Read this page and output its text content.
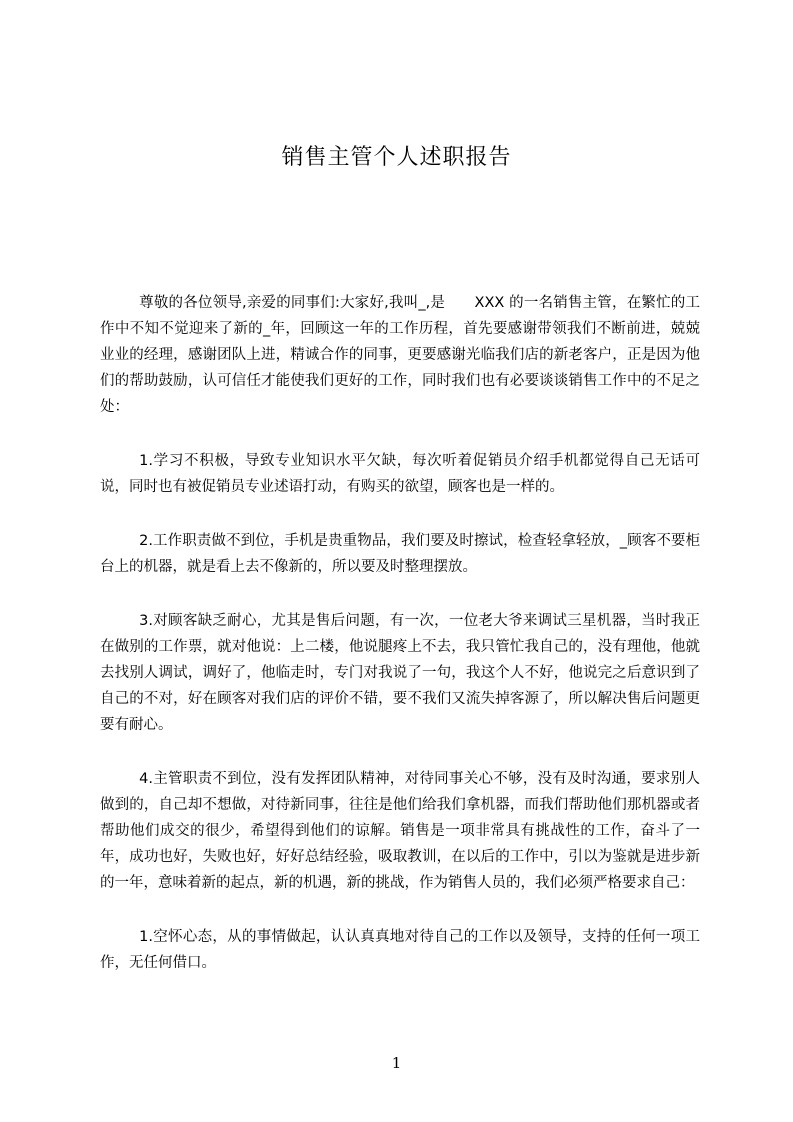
销售主管个人述职报告

尊敬的各位领导,亲爱的同事们:大家好,我叫_,是　　XXX 的一名销售主管，在繁忙的工作中不知不觉迎来了新的_年，回顾这一年的工作历程，首先要感谢带领我们不断前进，兢兢业业的经理，感谢团队上进，精诚合作的同事，更要感谢光临我们店的新老客户，正是因为他们的帮助鼓励，认可信任才能使我们更好的工作，同时我们也有必要谈谈销售工作中的不足之处：

1.学习不积极，导致专业知识水平欠缺，每次听着促销员介绍手机都觉得自己无话可说，同时也有被促销员专业述语打动，有购买的欲望，顾客也是一样的。

2.工作职责做不到位，手机是贵重物品，我们要及时擦试，检查轻拿轻放，_顾客不要柜台上的机器，就是看上去不像新的，所以要及时整理摆放。

3.对顾客缺乏耐心，尤其是售后问题，有一次，一位老大爷来调试三星机器，当时我正在做别的工作票，就对他说：上二楼，他说腿疼上不去，我只管忙我自己的，没有理他，他就去找别人调试，调好了，他临走时，专门对我说了一句，我这个人不好，他说完之后意识到了自己的不对，好在顾客对我们店的评价不错，要不我们又流失掉客源了，所以解决售后问题更要有耐心。

4.主管职责不到位，没有发挥团队精神，对待同事关心不够，没有及时沟通，要求别人做到的，自己却不想做，对待新同事，往往是他们给我们拿机器，而我们帮助他们那机器或者帮助他们成交的很少，希望得到他们的谅解。销售是一项非常具有挑战性的工作，奋斗了一年，成功也好，失败也好，好好总结经验，吸取教训，在以后的工作中，引以为鉴就是进步新的一年，意味着新的起点，新的机遇，新的挑战，作为销售人员的，我们必须严格要求自己：

1.空怀心态，从的事情做起，认认真真地对待自己的工作以及领导，支持的任何一项工作，无任何借口。

1
